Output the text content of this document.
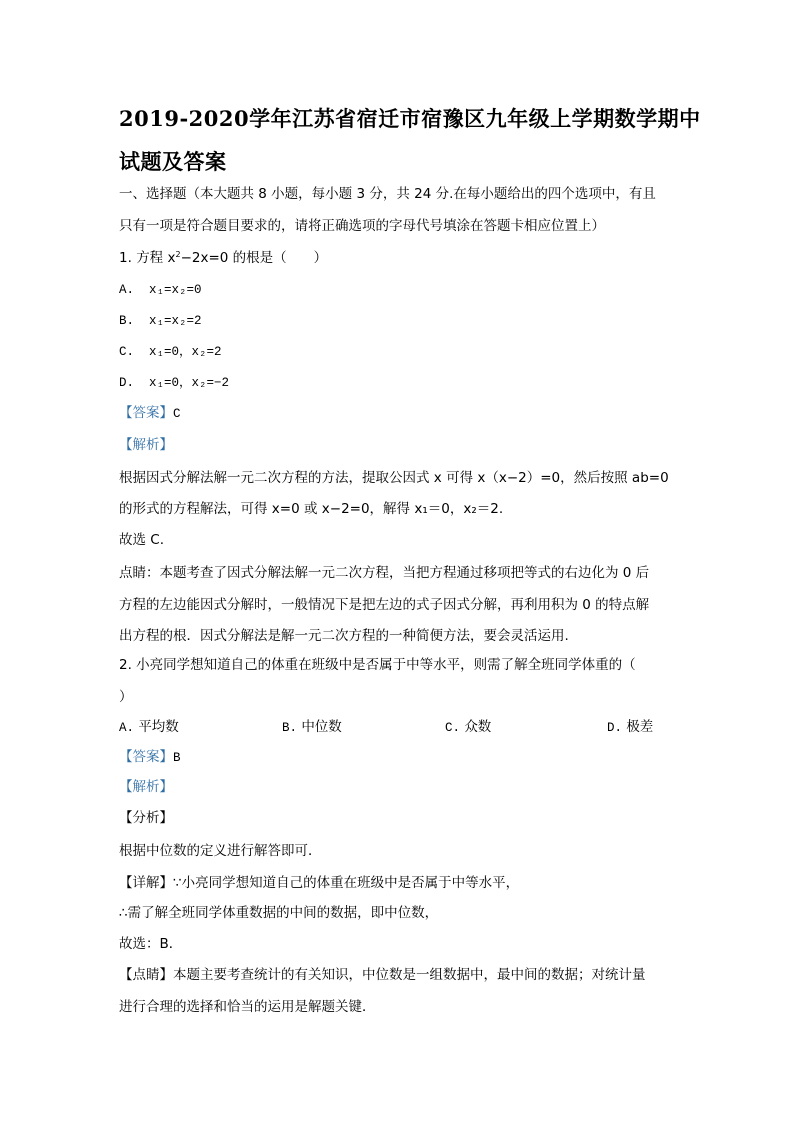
2019-2020学年江苏省宿迁市宿豫区九年级上学期数学期中
试题及答案
一、选择题（本大题共 8 小题，每小题 3 分，共 24 分.在每小题给出的四个选项中，有且
只有一项是符合题目要求的，请将正确选项的字母代号填涂在答题卡相应位置上）
1. 方程 $x^2-2x=0$ 的根是（　　）
A. x₁=x₂=0
B. x₁=x₂=2
C. x₁=0，x₂=2
D. x₁=0，x₂=−2
【答案】C
【解析】
根据因式分解法解一元二次方程的方法，提取公因式 x 可得 x（x−2）=0，然后按照 ab=0
的形式的方程解法，可得 x=0 或 x−2=0，解得 x₁＝0，x₂＝2.
故选 C.
点睛：本题考查了因式分解法解一元二次方程，当把方程通过移项把等式的右边化为 0 后
方程的左边能因式分解时，一般情况下是把左边的式子因式分解，再利用积为 0 的特点解
出方程的根．因式分解法是解一元二次方程的一种简便方法，要会灵活运用.
2. 小亮同学想知道自己的体重在班级中是否属于中等水平，则需了解全班同学体重的（
）
A. 平均数	B. 中位数	C. 众数	D. 极差
【答案】B
【解析】
【分析】
根据中位数的定义进行解答即可．
【详解】∵小亮同学想知道自己的体重在班级中是否属于中等水平，
∴需了解全班同学体重数据的中间的数据，即中位数，
故选：B．
【点睛】本题主要考查统计的有关知识，中位数是一组数据中，最中间的数据；对统计量
进行合理的选择和恰当的运用是解题关键．
